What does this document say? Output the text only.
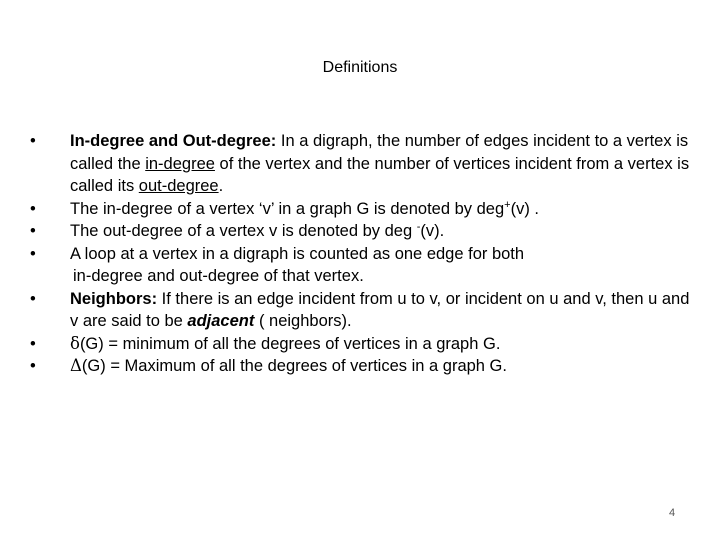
Definitions
•	In-degree and Out-degree: In a digraph, the number of edges incident to a vertex is called the in-degree of the vertex and the number of vertices incident from a vertex is called its out-degree.
•	The in-degree of a vertex ‘v’ in a graph G is denoted by deg+(v) .
•	The out-degree of a vertex v is denoted by deg -(v).
•	A loop at a vertex in a digraph is counted as one edge for both
in-degree and out-degree of that vertex.
•	Neighbors: If there is an edge incident from u to v, or incident on u and v, then u and v are said to be adjacent ( neighbors).
•	δ(G) = minimum of all the degrees of vertices in a graph G.
•	Δ(G) = Maximum of all the degrees of vertices in a graph G.
4
